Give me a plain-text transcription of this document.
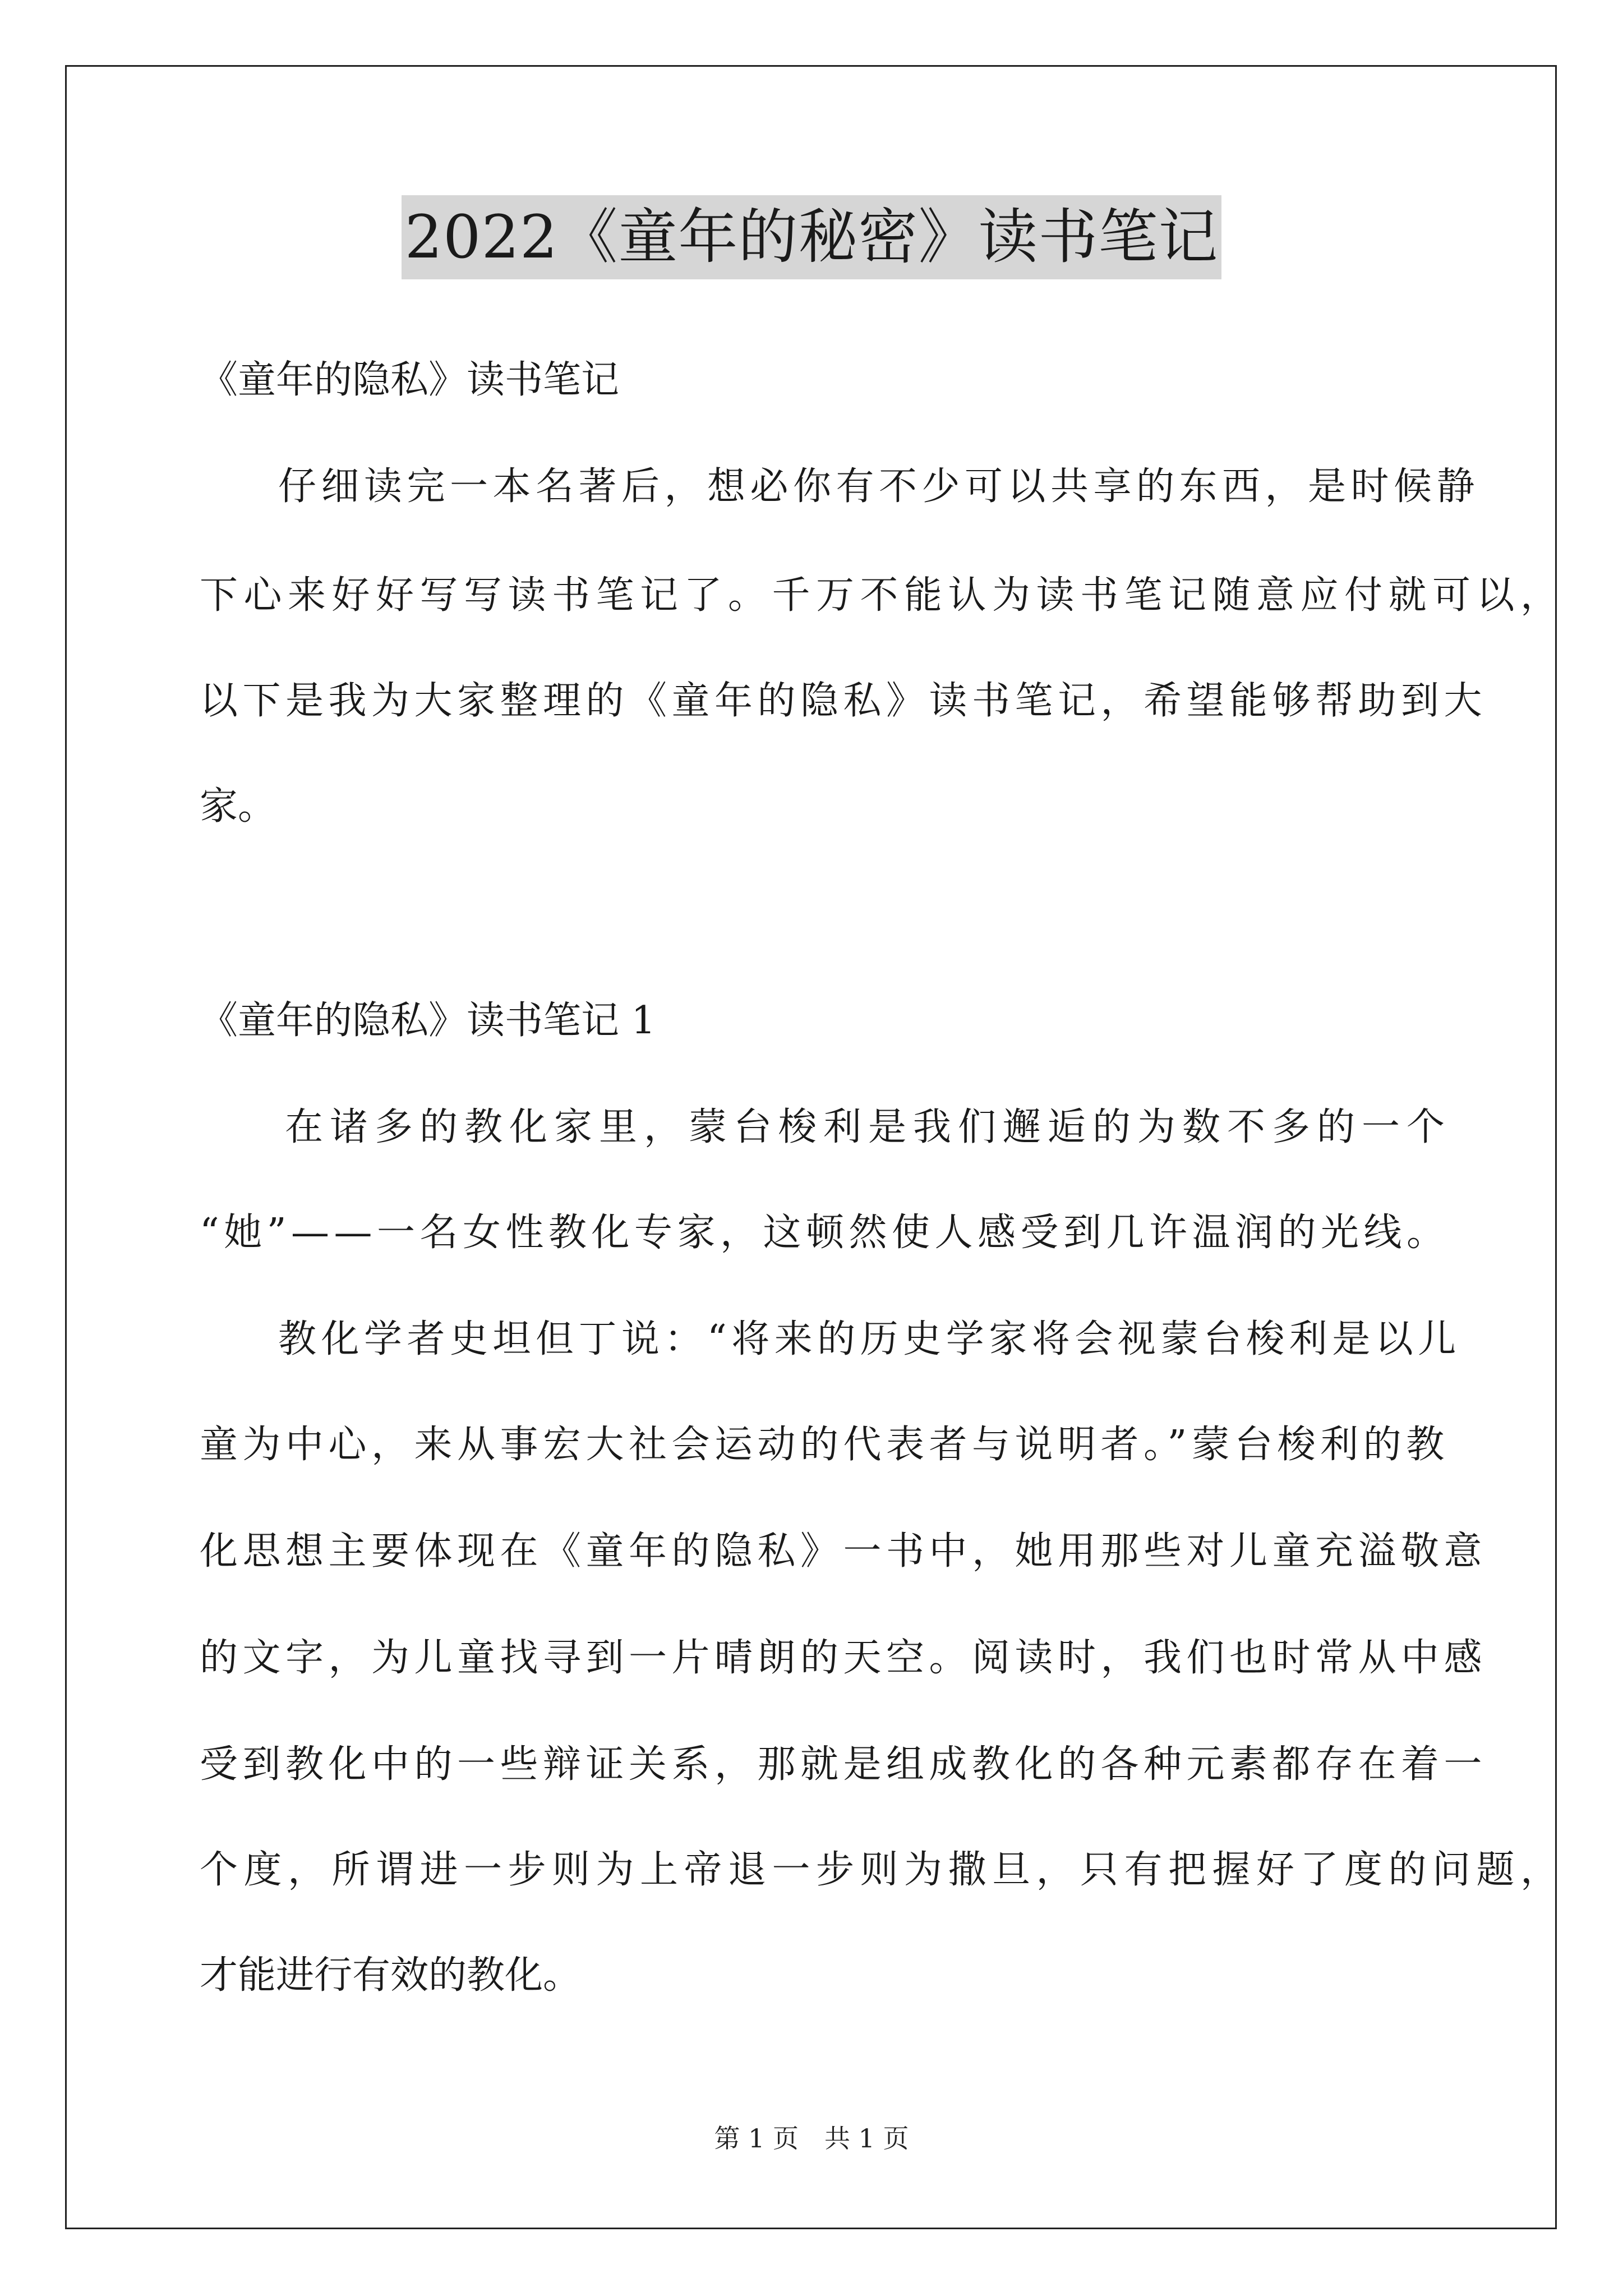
2022《童年的秘密》读书笔记
《童年的隐私》读书笔记
仔细读完一本名著后，想必你有不少可以共享的东西，是时候静
下心来好好写写读书笔记了。千万不能认为读书笔记随意应付就可以，
以下是我为大家整理的《童年的隐私》读书笔记，希望能够帮助到大
家。
《童年的隐私》读书笔记 1
在诸多的教化家里，蒙台梭利是我们邂逅的为数不多的一个
“她”——一名女性教化专家，这顿然使人感受到几许温润的光线。
教化学者史坦但丁说：“将来的历史学家将会视蒙台梭利是以儿
童为中心，来从事宏大社会运动的代表者与说明者。”蒙台梭利的教
化思想主要体现在《童年的隐私》一书中，她用那些对儿童充溢敬意
的文字，为儿童找寻到一片晴朗的天空。阅读时，我们也时常从中感
受到教化中的一些辩证关系，那就是组成教化的各种元素都存在着一
个度，所谓进一步则为上帝退一步则为撒旦，只有把握好了度的问题，
才能进行有效的教化。
第 1 页　共 1 页
